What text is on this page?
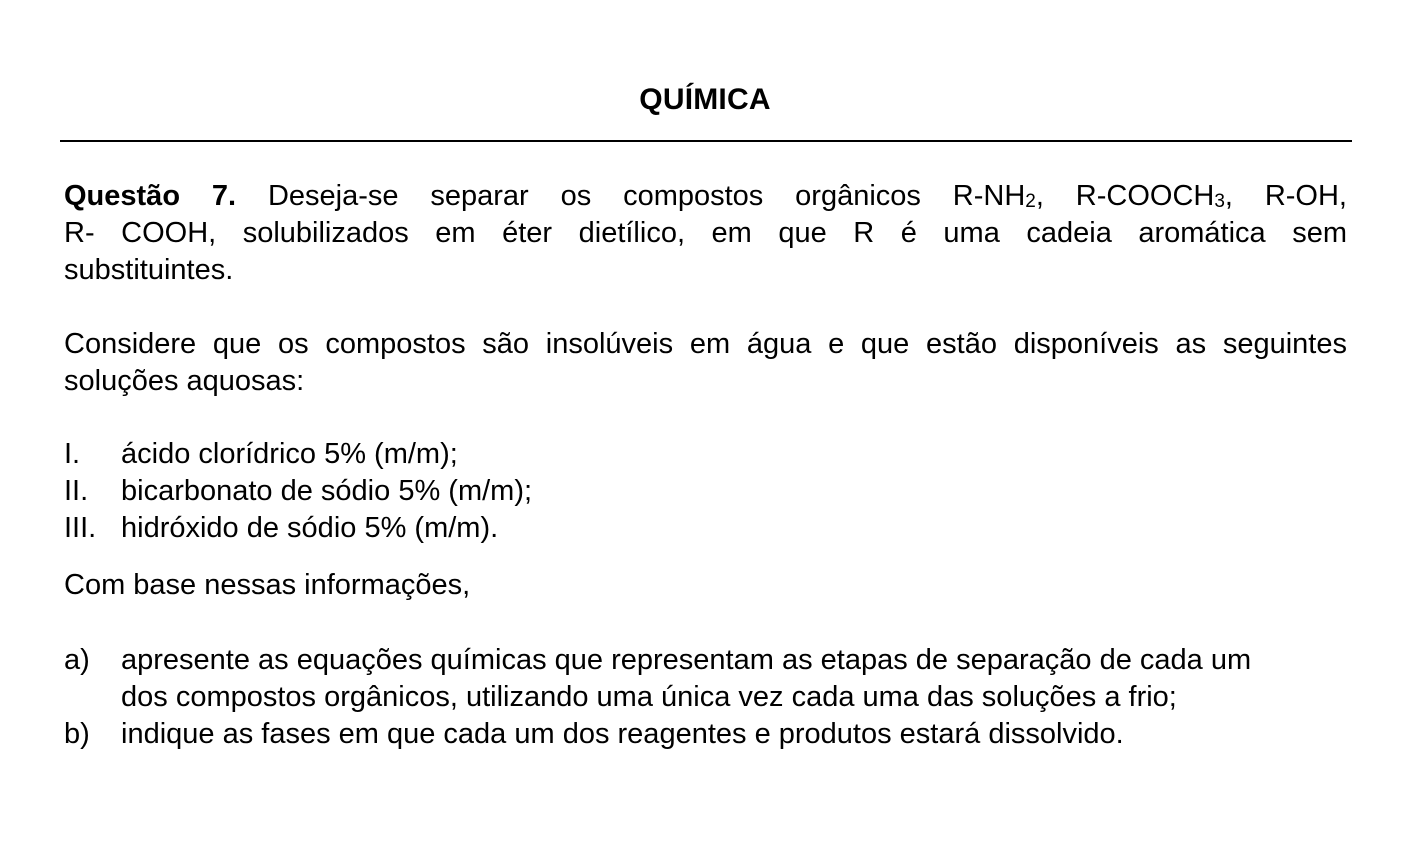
QUÍMICA
Questão 7. Deseja-se separar os compostos orgânicos $R-NH_2$, $R-COOCH_3$, R-OH,
R- COOH, solubilizados em éter dietílico, em que R é uma cadeia aromática sem
substituintes.
Considere que os compostos são insolúveis em água e que estão disponíveis as seguintes
soluções aquosas:
I.	ácido clorídrico 5% (m/m);
II.	bicarbonato de sódio 5% (m/m);
III. hidróxido de sódio 5% (m/m).
Com base nessas informações,
a)	apresente as equações químicas que representam as etapas de separação de cada um
dos compostos orgânicos, utilizando uma única vez cada uma das soluções a frio;
b)	indique as fases em que cada um dos reagentes e produtos estará dissolvido.
